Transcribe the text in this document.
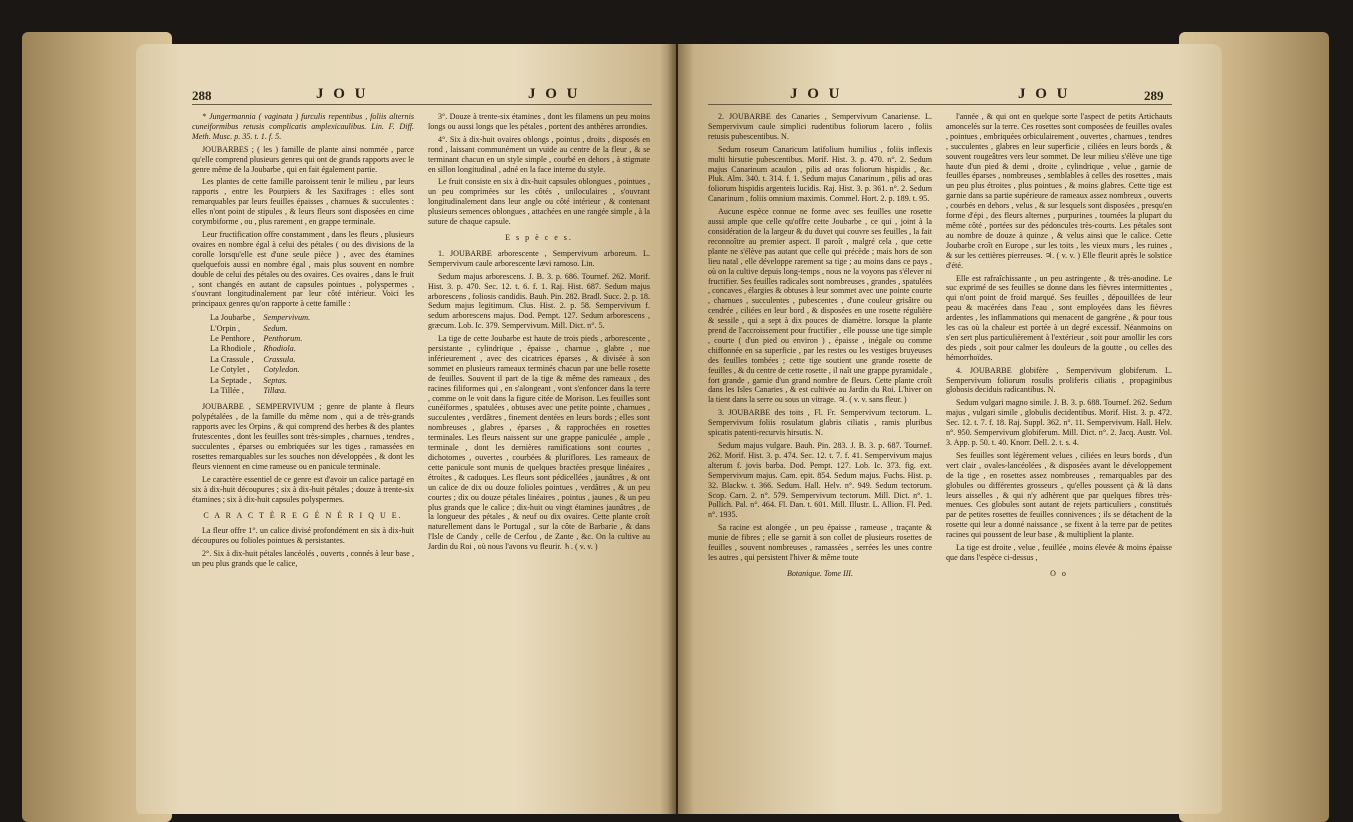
288	J O U	J O U

* Jungermannia ( vaginata ) furculis repentibus , foliis alternis cuneiformibus retusis complicatis amplexicaulibus. Lin. F. Diff. Meth. Musc. p. 35. t. 1. f. 5.

JOUBARBES ; ( les ) famille de plante ainsi nommée , parce qu'elle comprend plusieurs genres qui ont de grands rapports avec le genre même de la Joubarbe , qui en fait également partie.

Les plantes de cette famille paroissent tenir le milieu , par leurs rapports , entre les Pourpiers & les Saxifrages : elles sont remarquables par leurs feuilles épaisses , charnues & succulentes : elles n'ont point de stipules , & leurs fleurs sont disposées en cime corymbiforme , ou , plus rarement , en grappe terminale.

Leur fructification offre constamment , dans les fleurs , plusieurs ovaires en nombre égal à celui des pétales ( ou des divisions de la corolle lorsqu'elle est d'une seule pièce ) , avec des étamines quelquefois aussi en nombre égal , mais plus souvent en nombre double de celui des pétales ou des ovaires. Ces ovaires , dans le fruit , sont changés en autant de capsules pointues , polyspermes , s'ouvrant longitudinalement par leur côté intérieur. Voici les principaux genres qu'on rapporte à cette famille :

La Joubarbe ,	Sempervivum.
L'Orpin ,	Sedum.
Le Penthore ,	Penthorum.
La Rhodiole ,	Rhodiola.
La Crassule ,	Crassula.
Le Cotylet ,	Cotyledon.
La Septade ,	Septas.
La Tillée ,	Tillæa.

JOUBARBE , SEMPERVIVUM ; genre de plante à fleurs polypétalées , de la famille du même nom , qui a de très-grands rapports avec les Orpins , & qui comprend des herbes & des plantes frutescentes , dont les feuilles sont très-simples , charnues , tendres , succulentes , éparses ou embriquées sur les tiges , ramassées en rosettes remarquables sur les souches non développées , & dont les fleurs viennent en cime rameuse ou en panicule terminale.

Le caractère essentiel de ce genre est d'avoir un calice partagé en six à dix-huit découpures ; six à dix-huit pétales ; douze à trente-six étamines ; six à dix-huit capsules polyspermes.

C A R A C T È R E G É N É R I Q U E.

La fleur offre 1°. un calice divisé profondément en six à dix-huit découpures ou folioles pointues & persistantes.

2°. Six à dix-huit pétales lancéolés , ouverts , connés à leur base , un peu plus grands que le calice,

3°. Douze à trente-six étamines , dont les filamens un peu moins longs ou aussi longs que les pétales , portent des anthères arrondies.

4°. Six à dix-huit ovaires oblongs , pointus , droits , disposés en rond , laissant communément un vuide au centre de la fleur , & se terminant chacun en un style simple , courbé en dehors , à stigmate en sillon longitudinal , adné en la face interne du style.

Le fruit consiste en six à dix-huit capsules oblongues , pointues , un peu comprimées sur les côtés , uniloculaires , s'ouvrant longitudinalement dans leur angle ou côté intérieur , & contenant plusieurs semences oblongues , attachées en une rangée simple , à la suture de chaque capsule.

E s p è c e s.

1. JOUBARBE arborescente , Sempervivum arboreum. L. Sempervivum caule arborescente lævi ramoso. Lin.

Sedum majus arborescens. J. B. 3. p. 686. Tournef. 262. Morif. Hist. 3. p. 470. Sec. 12. t. 6. f. 1. Raj. Hist. 687. Sedum majus arborescens , foliosis candidis. Bauh. Pin. 282. Bradl. Succ. 2. p. 18. Sedum majus legitimum. Clus. Hist. 2. p. 58. Sempervivum f. sedum arborescens majus. Dod. Pempt. 127. Sedum arborescens , græcum. Lob. Ic. 379. Sempervivum. Mill. Dict. n°. 5.

La tige de cette Joubarbe est haute de trois pieds , arborescente , persistante , cylindrique , épaisse , charnue , glabre , nue inférieurement , avec des cicatrices éparses , & divisée à son sommet en plusieurs rameaux terminés chacun par une belle rosette de feuilles. Souvent il part de la tige & même des rameaux , des racines filiformes qui , en s'alongeant , vont s'enfoncer dans la terre , comme on le voit dans la figure citée de Morison. Les feuilles sont cunéiformes , spatulées , obtuses avec une petite pointe , charnues , succulentes , verdâtres , finement dentées en leurs bords ; elles sont nombreuses , glabres , éparses , & rapprochées en rosettes terminales. Les fleurs naissent sur une grappe paniculée , ample , terminale , dont les dernières ramifications sont courtes , dichotomes , ouvertes , courbées & pluriflores. Les rameaux de cette panicule sont munis de quelques bractées presque linéaires , étroites , & caduques. Les fleurs sont pédicellées , jaunâtres , & ont un calice de dix ou douze folioles pointues , verdâtres , & un peu courtes ; dix ou douze pétales linéaires , pointus , jaunes , & un peu plus grands que le calice ; dix-huit ou vingt étamines jaunâtres , de la longueur des pétales , & neuf ou dix ovaires. Cette plante croît naturellement dans le Portugal , sur la côte de Barbarie , & dans l'Isle de Candy , celle de Cerfou , de Zante , &c. On la cultive au Jardin du Roi , où nous l'avons vu fleurir. ♄. ( v. v. )

J O U	J O U	289

2. JOUBARBE des Canaries , Sempervivum Canariense. L. Sempervivum caule simplici rudentibus foliorum lacero , foliis retusis pubescentibus. N.

Sedum roseum Canaricum latifolium humilius , foliis inflexis multi hirsutie pubescentibus. Morif. Hist. 3. p. 470. n°. 2. Sedum majus Canarinum acaulon , pilis ad oras foliorum hispidis , &c. Pluk. Alm. 340. t. 314. f. 1. Sedum majus Canarinum , pilis ad oras foliorum hispidis argenteis lucidis. Raj. Hist. 3. p. 361. n°. 2. Sedum Canarinum , foliis omnium maximis. Commel. Hort. 2. p. 189. t. 95.

Aucune espèce connue ne forme avec ses feuilles une rosette aussi ample que celle qu'offre cette Joubarbe , ce qui , joint à la considération de la largeur & du duvet qui couvre ses feuilles , la fait reconnoître au premier aspect. Il paroît , malgré cela , que cette plante ne s'élève pas autant que celle qui précède ; mais hors de son lieu natal , elle développe rarement sa tige ; au moins dans ce pays , où on la cultive depuis long-temps , nous ne la voyons pas s'élever ni fructifier. Ses feuilles radicales sont nombreuses , grandes , spatulées , concaves , élargies & obtuses à leur sommet avec une pointe courte , charnues , succulentes , pubescentes , d'une couleur grisâtre ou cendrée , ciliées en leur bord , & disposées en une rosette régulière & sessile , qui a sept à dix pouces de diamètre. lorsque la plante prend de l'accroissement pour fructifier , elle pousse une tige simple , courte ( d'un pied ou environ ) , épaisse , inégale ou comme chiffonnée en sa superficie , par les restes ou les vestiges bruyeuses des feuilles tombées ; cette tige soutient une grande rosette de feuilles , & du centre de cette rosette , il naît une grappe pyramidale , fort grande , garnie d'un grand nombre de fleurs. Cette plante croît dans les Isles Canaries , & est cultivée au Jardin du Roi. L'hiver on la tient dans la serre ou sous un vitrage. ♃. ( v. v. sans fleur. )

3. JOUBARBE des toits , Fl. Fr. Sempervivum tectorum. L. Sempervivum foliis rosulatum glabris ciliatis , ramis pluribus spicatis patenti-recurvis hirsutis. N.

Sedum majus vulgare. Bauh. Pin. 283. J. B. 3. p. 687. Tournef. 262. Morif. Hist. 3. p. 474. Sec. 12. t. 7. f. 41. Sempervivum majus alterum f. jovis barba. Dod. Pempt. 127. Lob. Ic. 373. fig. ext. Sempervivum majus. Cam. epit. 854. Sedum majus. Fuchs. Hist. p. 32. Blackw. t. 366. Sedum. Hall. Helv. n°. 949. Sedum tectorum. Scop. Carn. 2. n°. 579. Sempervivum tectorum. Mill. Dict. n°. 1. Pollich. Pal. n°. 464. Fl. Dan. t. 601. Mill. Illustr. L. Allion. Fl. Ped. n°. 1935.

Sa racine est alongée , un peu épaisse , rameuse , traçante & munie de fibres ; elle se garnit à son collet de plusieurs rosettes de feuilles , souvent nombreuses , ramassées , serrées les unes contre les autres , qui persistent l'hiver & même toute

Botanique. Tome III.

l'année , & qui ont en quelque sorte l'aspect de petits Artichauts amoncelés sur la terre. Ces rosettes sont composées de feuilles ovales , pointues , embriquées orbiculairement , ouvertes , charnues , tendres , succulentes , glabres en leur superficie , ciliées en leurs bords , & souvent rougeâtres vers leur sommet. De leur milieu s'élève une tige haute d'un pied & demi , droite , cylindrique , velue , garnie de feuilles éparses , nombreuses , semblables à celles des rosettes , mais un peu plus étroites , plus pointues , & moins glabres. Cette tige est garnie dans sa partie supérieure de rameaux assez nombreux , ouverts , courbés en dehors , velus , & sur lesquels sont disposées , presqu'en forme d'épi , des fleurs alternes , purpurines , tournées la plupart du même côté , portées sur des pédoncules très-courts. Les pétales sont au nombre de douze à quinze , & velus ainsi que le calice. Cette Joubarbe croît en Europe , sur les toits , les vieux murs , les ruines , & sur les cettières pierreuses. ♃. ( v. v. ) Elle fleurit après le solstice d'été.

Elle est rafraîchissante , un peu astringente , & très-anodine. Le suc exprimé de ses feuilles se donne dans les fièvres intermittentes , qui n'ont point de froid marqué. Ses feuilles , dépouillées de leur peau & macérées dans l'eau , sont employées dans les fièvres ardentes , les inflammations qui menacent de gangrène , & pour tous les cas où la chaleur est portée à un degré excessif. Néanmoins on s'en sert plus particulièrement à l'extérieur , soit pour amollir les cors des pieds , soit pour calmer les douleurs de la goutte , ou celles des hémorrhoïdes.

4. JOUBARBE globifère , Sempervivum globiferum. L. Sempervivum foliorum rosulis proliferis ciliatis , propaginibus globosis deciduis radicantibus. N.

Sedum vulgari magno simile. J. B. 3. p. 688. Tournef. 262. Sedum majus , vulgari simile , globulis decidentibus. Morif. Hist. 3. p. 472. Sec. 12. t. 7. f. 18. Raj. Suppl. 362. n°. 11. Sempervivum. Hall. Helv. n°. 950. Sempervivum globiferum. Mill. Dict. n°. 2. Jacq. Austr. Vol. 3. App. p. 50. t. 40. Knorr. Dell. 2. t. s. 4.

Ses feuilles sont légèrement velues , ciliées en leurs bords , d'un vert clair , ovales-lancéolées , & disposées avant le développement de la tige , en rosettes assez nombreuses , remarquables par des globules ou différentes grosseurs , qu'elles poussent çà & là dans leurs aisselles , & qui n'y adhèrent que par quelques fibres très-menues. Ces globules sont autant de rejets particuliers , constitués par de petites rosettes de feuilles connivences ; ils se détachent de la rosette qui leur a donné naissance , se fixent à la terre par de petites racines qui poussent de leur base , & multiplient la plante.

La tige est droite , velue , feuillée , moins élevée & moins épaisse que dans l'espèce ci-dessus ,

O o
